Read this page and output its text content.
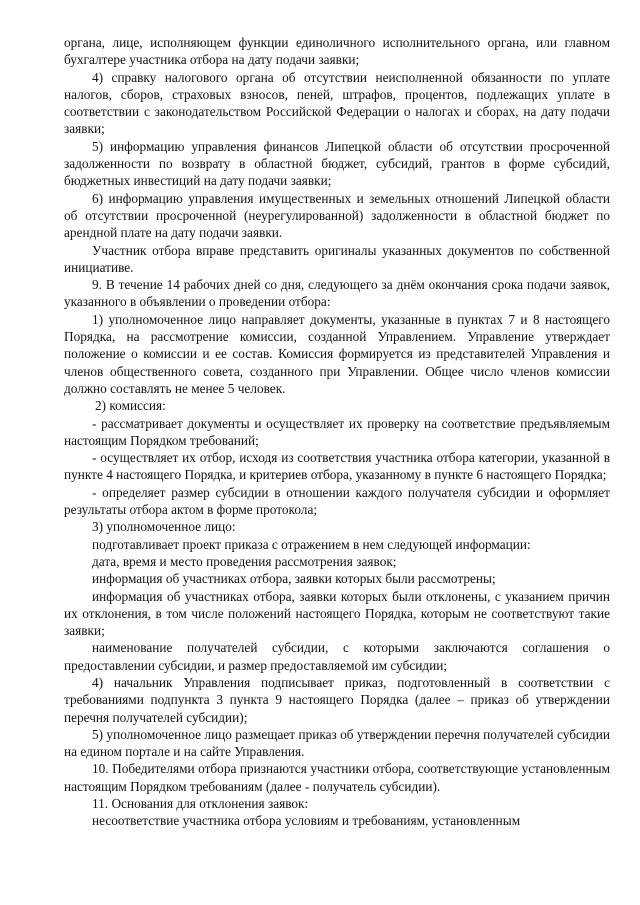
органа, лице, исполняющем функции единоличного исполнительного органа, или главном бухгалтере участника отбора на дату подачи заявки;

4) справку налогового органа об отсутствии неисполненной обязанности по уплате налогов, сборов, страховых взносов, пеней, штрафов, процентов, подлежащих уплате в соответствии с законодательством Российской Федерации о налогах и сборах, на дату подачи заявки;

5) информацию управления финансов Липецкой области об отсутствии просроченной задолженности по возврату в областной бюджет, субсидий, грантов в форме субсидий, бюджетных инвестиций на дату подачи заявки;

6) информацию управления имущественных и земельных отношений Липецкой области об отсутствии просроченной (неурегулированной) задолженности в областной бюджет по арендной плате на дату подачи заявки.

Участник отбора вправе представить оригиналы указанных документов по собственной инициативе.

9. В течение 14 рабочих дней со дня, следующего за днём окончания срока подачи заявок, указанного в объявлении о проведении отбора:

1) уполномоченное лицо направляет документы, указанные в пунктах 7 и 8 настоящего Порядка, на рассмотрение комиссии, созданной Управлением. Управление утверждает положение о комиссии и ее состав. Комиссия формируется из представителей Управления и членов общественного совета, созданного при Управлении. Общее число членов комиссии должно составлять не менее 5 человек.

2) комиссия:

- рассматривает документы и осуществляет их проверку на соответствие предъявляемым настоящим Порядком требований;

- осуществляет их отбор, исходя из соответствия участника отбора категории, указанной в пункте 4 настоящего Порядка, и критериев отбора, указанному в пункте 6 настоящего Порядка;

- определяет размер субсидии в отношении каждого получателя субсидии и оформляет результаты отбора актом в форме протокола;

3) уполномоченное лицо:

подготавливает проект приказа с отражением в нем следующей информации:

дата, время и место проведения рассмотрения заявок;

информация об участниках отбора, заявки которых были рассмотрены;

информация об участниках отбора, заявки которых были отклонены, с указанием причин их отклонения, в том числе положений настоящего Порядка, которым не соответствуют такие заявки;

наименование получателей субсидии, с которыми заключаются соглашения о предоставлении субсидии, и размер предоставляемой им субсидии;

4) начальник Управления подписывает приказ, подготовленный в соответствии с требованиями подпункта 3 пункта 9 настоящего Порядка (далее – приказ об утверждении перечня получателей субсидии);

5) уполномоченное лицо размещает приказ об утверждении перечня получателей субсидии на едином портале и на сайте Управления.

10. Победителями отбора признаются участники отбора, соответствующие установленным настоящим Порядком требованиям (далее - получатель субсидии).

11. Основания для отклонения заявок:

несоответствие участника отбора условиям и требованиям, установленным
